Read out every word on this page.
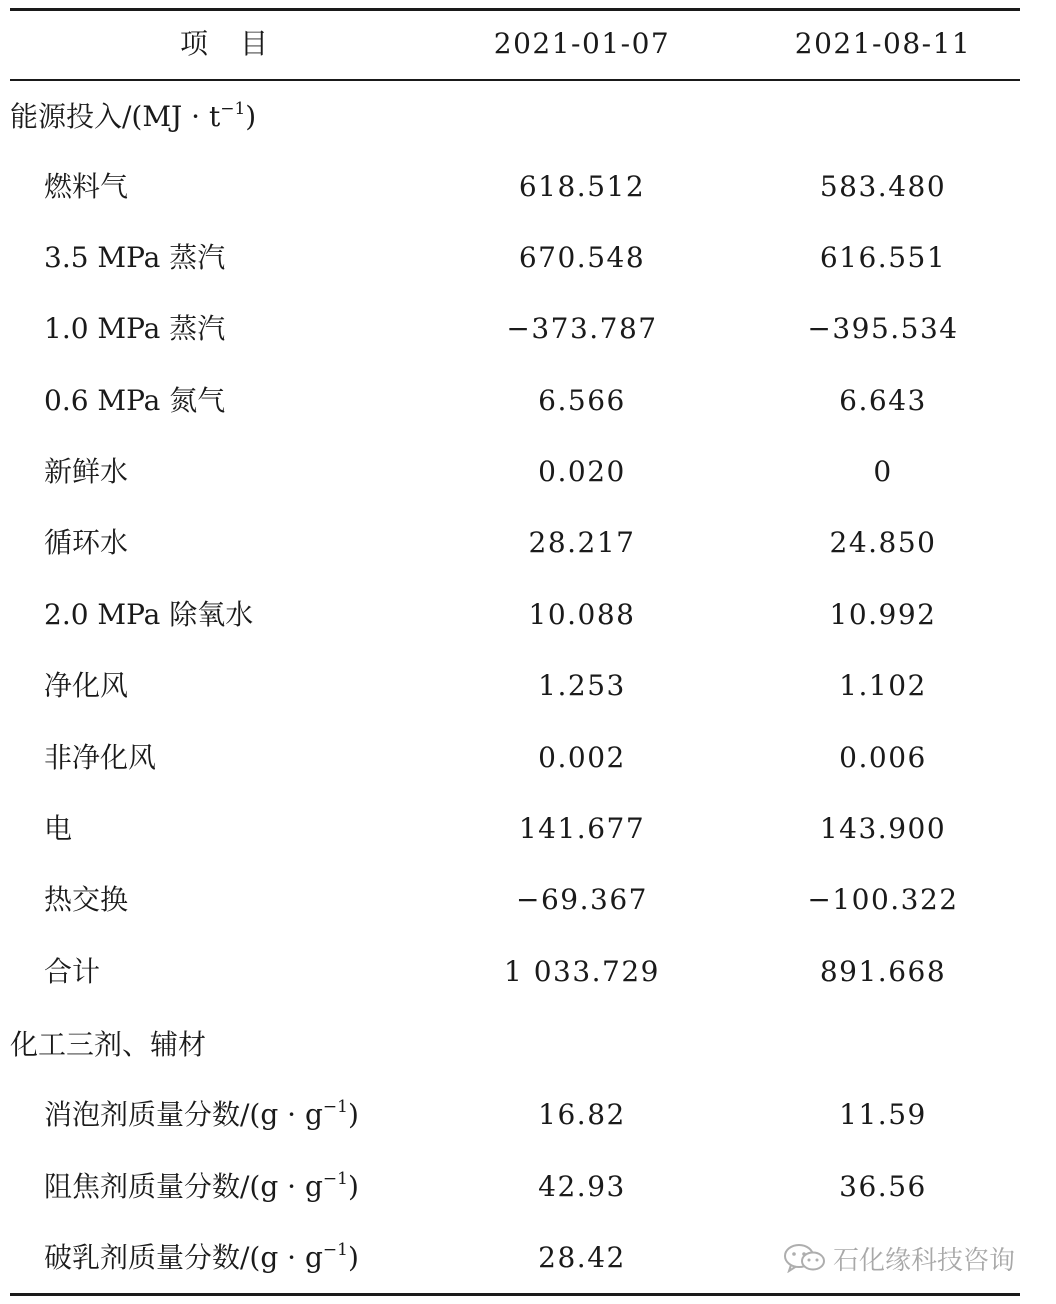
项　目	2021-01-07	2021-08-11
能源投入$/(MJ \cdot t^{-1})$
燃料气	618.512	583.480
3.5 MPa 蒸汽	670.548	616.551
1.0 MPa 蒸汽	−373.787	−395.534
0.6 MPa 氮气	6.566	6.643
新鲜水	0.020	0
循环水	28.217	24.850
2.0 MPa 除氧水	10.088	10.992
净化风	1.253	1.102
非净化风	0.002	0.006
电	141.677	143.900
热交换	−69.367	−100.322
合计	1 033.729	891.668
化工三剂、辅材
消泡剂质量分数$/(g \cdot g^{-1})$	16.82	11.59
阻焦剂质量分数$/(g \cdot g^{-1})$	42.93	36.56
破乳剂质量分数$/(g \cdot g^{-1})$	28.42	石化缘科技咨询
